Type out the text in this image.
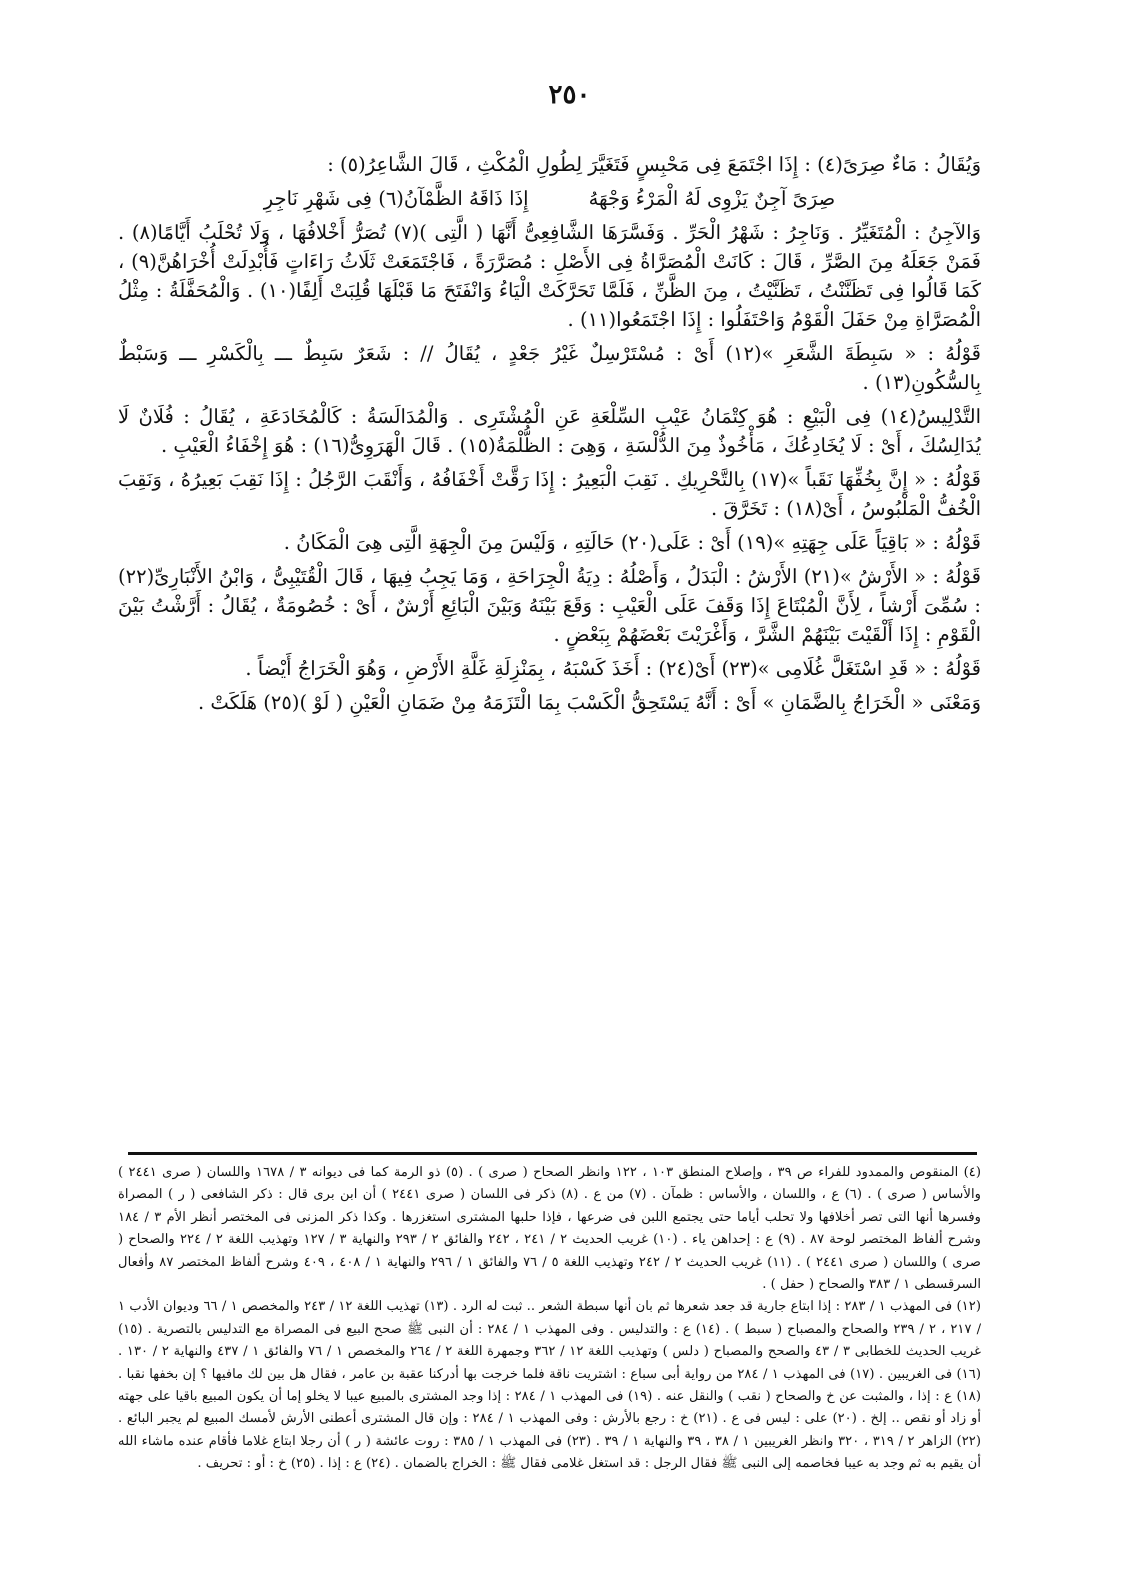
٢٥٠

وَيُقَالُ : مَاءٌ صِرَىً(٤) : إِذَا اجْتَمَعَ فِى مَحْبِسٍ فَتَغَيَّرَ لِطُولِ الْمُكْثِ ، قَالَ الشَّاعِرُ(٥) :

صِرَىً آجِنٌ يَزْوِى لَهُ الْمَرْءُ وَجْهَهُ
إِذَا ذَاقَهُ الظَّمْآنُ(٦) فِى شَهْرِ نَاجِرِ

وَالآجِنُ : الْمُتَغَيِّرُ . وَنَاجِرُ : شَهْرُ الْحَرِّ . وَفَسَّرَهَا الشَّافِعِىُّ أَنَّهَا ( الَّتِى )(٧) تُصَرُّ أَخْلافُهَا ، وَلَا تُحْلَبُ أَيَّامًا(٨) . فَمَنْ جَعَلَهُ مِنَ الصَّرِّ ، قَالَ : كَانَتْ الْمُصَرَّاةُ فِى الأَصْلِ : مُصَرَّرَةً ، فَاجْتَمَعَتْ ثَلَاثُ رَاءَاتٍ فَأُبْدِلَتْ أُخْرَاهُنَّ(٩) ، كَمَا قَالُوا فِى تَظَنَّنْتُ ، تَظَنَّيْتُ ، مِنَ الظَّنِّ ، فَلَمَّا تَحَرَّكَتْ الْيَاءُ وَانْفَتَحَ مَا قَبْلَهَا قُلِبَتْ أَلِفًا(١٠) . وَالْمُحَفَّلَةُ : مِثْلُ الْمُصَرَّاةِ مِنْ حَفَلَ الْقَوْمُ وَاحْتَفَلُوا : إِذَا اجْتَمَعُوا(١١) .

قَوْلُهُ : « سَبِطَةَ الشَّعَرِ »(١٢) أَىْ : مُسْتَرْسِلٌ غَيْرُ جَعْدٍ ، يُقَالُ // : شَعَرٌ سَبِطٌ ـــ بِالْكَسْرِ ـــ وَسَبْطٌ بِالسُّكُونِ(١٣) .

التَّدْلِيسُ(١٤) فِى الْبَيْعِ : هُوَ كِتْمَانُ عَيْبِ السِّلْعَةِ عَنِ الْمُشْتَرِى . وَالْمُدَالَسَةُ : كَالْمُخَادَعَةِ ، يُقَالُ : فُلَانٌ لَا يُدَالِسُكَ ، أَىْ : لَا يُخَادِعُكَ ، مَأْخُوذٌ مِنَ الدُّلْسَةِ ، وَهِىَ : الظُّلْمَةُ(١٥) . قَالَ الْهَرَوِىُّ(١٦) : هُوَ إِخْفَاءُ الْعَيْبِ .

قَوْلُهُ : « إِنَّ بِخُفِّهَا نَقَباً »(١٧) بِالتَّحْرِيكِ . نَقِبَ الْبَعِيرُ : إِذَا رَقَّتْ أَخْفَافُهُ ، وَأَنْقَبَ الرَّجُلُ : إِذَا نَقِبَ بَعِيرُهُ ، وَنَقِبَ الْخُفُّ الْمَلْبُوسُ ، أَىْ(١٨) : تَخَرَّقَ .

قَوْلُهُ : « بَاقِيَاً عَلَى جِهَتِهِ »(١٩) أَىْ : عَلَى(٢٠) حَالَتِهِ ، وَلَيْسَ مِنَ الْجِهَةِ الَّتِى هِىَ الْمَكَانُ .

قَوْلُهُ : « الأَرْشُ »(٢١) الأَرْشُ : الْبَدَلُ ، وَأَصْلُهُ : دِيَةُ الْجِرَاحَةِ ، وَمَا يَجِبُ فِيهَا ، قَالَ الْقُتَيْبِىُّ ، وَابْنُ الأَنْبَارِىِّ(٢٢) : سُمِّىَ أَرْشاً ، لِأَنَّ الْمُبْتَاعَ إِذَا وَقَفَ عَلَى الْعَيْبِ : وَقَعَ بَيْنَهُ وَبَيْنَ الْبَائِعِ أَرْشٌ ، أَىْ : خُصُومَةٌ ، يُقَالُ : أَرَّشْتُ بَيْنَ الْقَوْمِ : إِذَا أَلْقَيْتَ بَيْنَهُمْ الشَّرَّ ، وَأَغْرَيْتَ بَعْضَهُمْ بِبَعْضٍ .

قَوْلُهُ : « قَدِ اسْتَغَلَّ غُلَامِى »(٢٣) أَىْ(٢٤) : أَخَذَ كَسْبَهُ ، بِمَنْزِلَةِ غَلَّةِ الأَرْضِ ، وَهُوَ الْخَرَاجُ أَيْضاً .

وَمَعْنَى « الْخَرَاجُ بِالضَّمَانِ » أَىْ : أَنَّهُ يَسْتَحِقُّ الْكَسْبَ بِمَا الْتَزَمَهُ مِنْ ضَمَانِ الْعَيْنِ ( لَوْ )(٢٥) هَلَكَتْ .

(٤) المنقوص والممدود للفراء ص ٣٩ ، وإصلاح المنطق ١٠٣ ، ١٢٢ وانظر الصحاح ( صرى ) . (٥) ذو الرمة كما فى ديوانه ٣ / ١٦٧٨ واللسان ( صرى ٢٤٤١ ) والأساس ( صرى ) . (٦) ع ، واللسان ، والأساس : ظمآن . (٧) من ع . (٨) ذكر فى اللسان ( صرى ٢٤٤١ ) أن ابن برى قال : ذكر الشافعى ( ر ) المصراة وفسرها أنها التى تصر أخلافها ولا تحلب أياما حتى يجتمع اللبن فى ضرعها ، فإذا حلبها المشترى استغزرها . وكذا ذكر المزنى فى المختصر أنظر الأم ٣ / ١٨٤ وشرح ألفاظ المختصر لوحة ٨٧ . (٩) ع : إحداهن ياء . (١٠) غريب الحديث ٢ / ٢٤١ ، ٢٤٢ والفائق ٢ / ٢٩٣ والنهاية ٣ / ١٢٧ وتهذيب اللغة ٢ / ٢٢٤ والصحاح ( صرى ) واللسان ( صرى ٢٤٤١ ) . (١١) غريب الحديث ٢ / ٢٤٢ وتهذيب اللغة ٥ / ٧٦ والفائق ١ / ٢٩٦ والنهاية ١ / ٤٠٨ ، ٤٠٩ وشرح ألفاظ المختصر ٨٧ وأفعال السرقسطى ١ / ٣٨٣ والصحاح ( حفل ) .

(١٢) فى المهذب ١ / ٢٨٣ : إذا ابتاع جارية قد جعد شعرها ثم بان أنها سبطة الشعر .. ثبت له الرد . (١٣) تهذيب اللغة ١٢ / ٢٤٣ والمخصص ١ / ٦٦ وديوان الأدب ١ / ٢١٧ ، ٢ / ٢٣٩ والصحاح والمصباح ( سبط ) . (١٤) ع : والتدليس . وفى المهذب ١ / ٢٨٤ : أن النبى ﷺ صحح البيع فى المصراة مع التدليس بالتصرية . (١٥) غريب الحديث للخطابى ٣ / ٤٣ والصحح والمصباح ( دلس ) وتهذيب اللغة ١٢ / ٣٦٢ وجمهرة اللغة ٢ / ٢٦٤ والمخصص ١ / ٧٦ والفائق ١ / ٤٣٧ والنهاية ٢ / ١٣٠ . (١٦) فى الغريبين . (١٧) فى المهذب ١ / ٢٨٤ من رواية أبى سباع : اشتريت ناقة فلما خرجت بها أدركنا عقبة بن عامر ، فقال هل بين لك مافيها ؟ إن بخفها نقبا . (١٨) ع : إذا ، والمثبت عن خ والصحاح ( نقب ) والنقل عنه . (١٩) فى المهذب ١ / ٢٨٤ : إذا وجد المشترى بالمبيع عيبا لا يخلو إما أن يكون المبيع باقيا على جهته أو زاد أو نقص .. إلخ . (٢٠) على : ليس فى ع . (٢١) خ : رجع بالأرش : وفى المهذب ١ / ٢٨٤ : وإن قال المشترى أعطنى الأرش لأمسك المبيع لم يجبر البائع . (٢٢) الزاهر ٢ / ٣١٩ ، ٣٢٠ وانظر الغريبين ١ / ٣٨ ، ٣٩ والنهاية ١ / ٣٩ . (٢٣) فى المهذب ١ / ٣٨٥ : روت عائشة ( ر ) أن رجلا ابتاع غلاما فأقام عنده ماشاء الله أن يقيم به ثم وجد به عيبا فخاصمه إلى النبى ﷺ فقال الرجل : قد استغل غلامى فقال ﷺ : الخراج بالضمان . (٢٤) ع : إذا . (٢٥) خ : أو : تحريف .
